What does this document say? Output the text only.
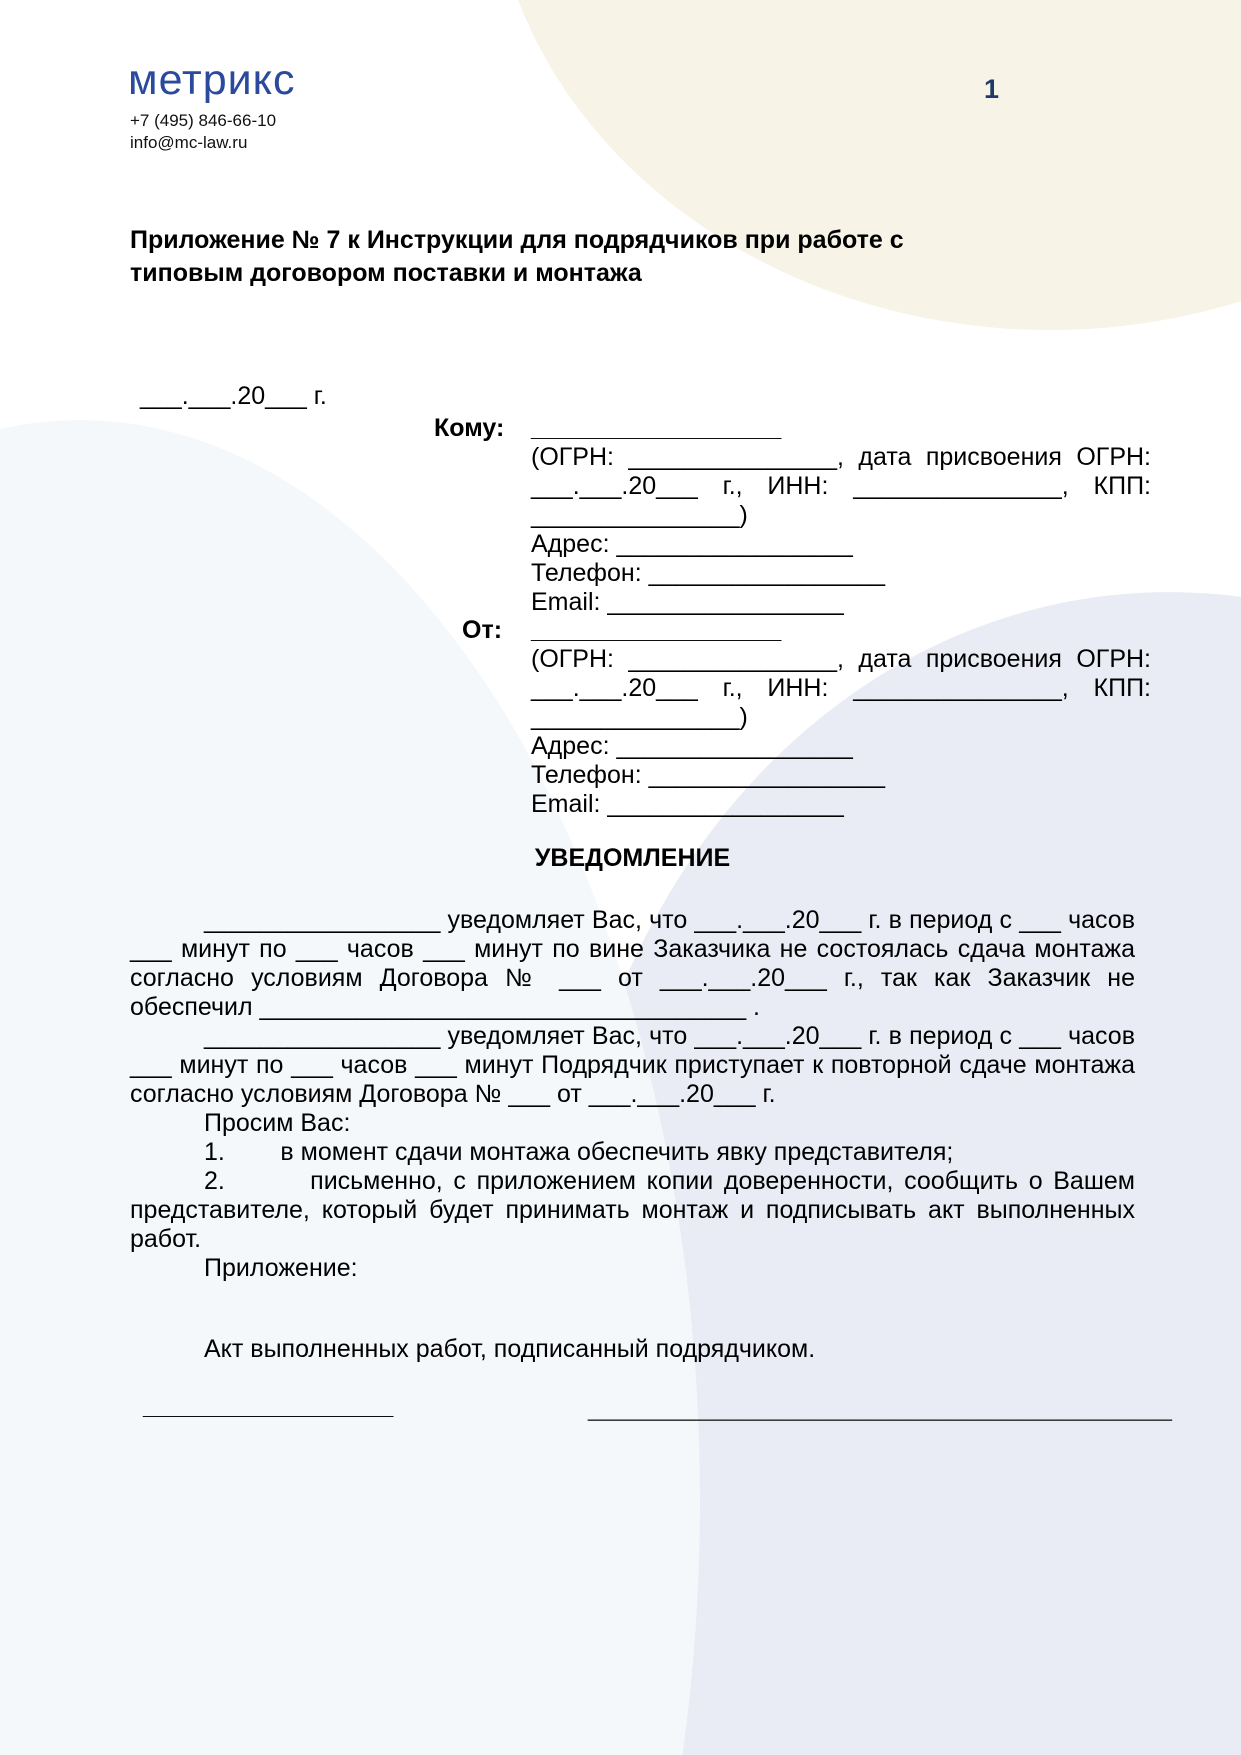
метрикс
+7 (495) 846-66-10
info@mc-law.ru
1
Приложение № 7 к Инструкции для подрядчиков при работе с типовым договором поставки и монтажа
___.___.20___ г.
Кому: __________________
(ОГРН: _______________, дата присвоения ОГРН: ___.___.20___ г., ИНН: _______________, КПП: _______________)
Адрес: _________________
Телефон: _________________
Email: _________________
От: __________________
(ОГРН: _______________, дата присвоения ОГРН: ___.___.20___ г., ИНН: _______________, КПП: _______________)
Адрес: _________________
Телефон: _________________
Email: _________________
УВЕДОМЛЕНИЕ

_________________ уведомляет Вас, что ___.___.20___ г. в период с ___ часов ___ минут по ___ часов ___ минут по вине Заказчика не состоялась сдача монтажа согласно условиям Договора № ___ от ___.___.20___ г., так как Заказчик не обеспечил ___________________________________ .

_________________ уведомляет Вас, что ___.___.20___ г. в период с ___ часов ___ минут по ___ часов ___ минут Подрядчик приступает к повторной сдаче монтажа согласно условиям Договора № ___ от ___.___.20___ г.

Просим Вас:

1.        в момент сдачи монтажа обеспечить явку представителя;

2.        письменно, с приложением копии доверенности, сообщить о Вашем представителе, который будет принимать монтаж и подписывать акт выполненных работ.

Приложение:

Акт выполненных работ, подписанный подрядчиком.

__________________	__________________________________________
